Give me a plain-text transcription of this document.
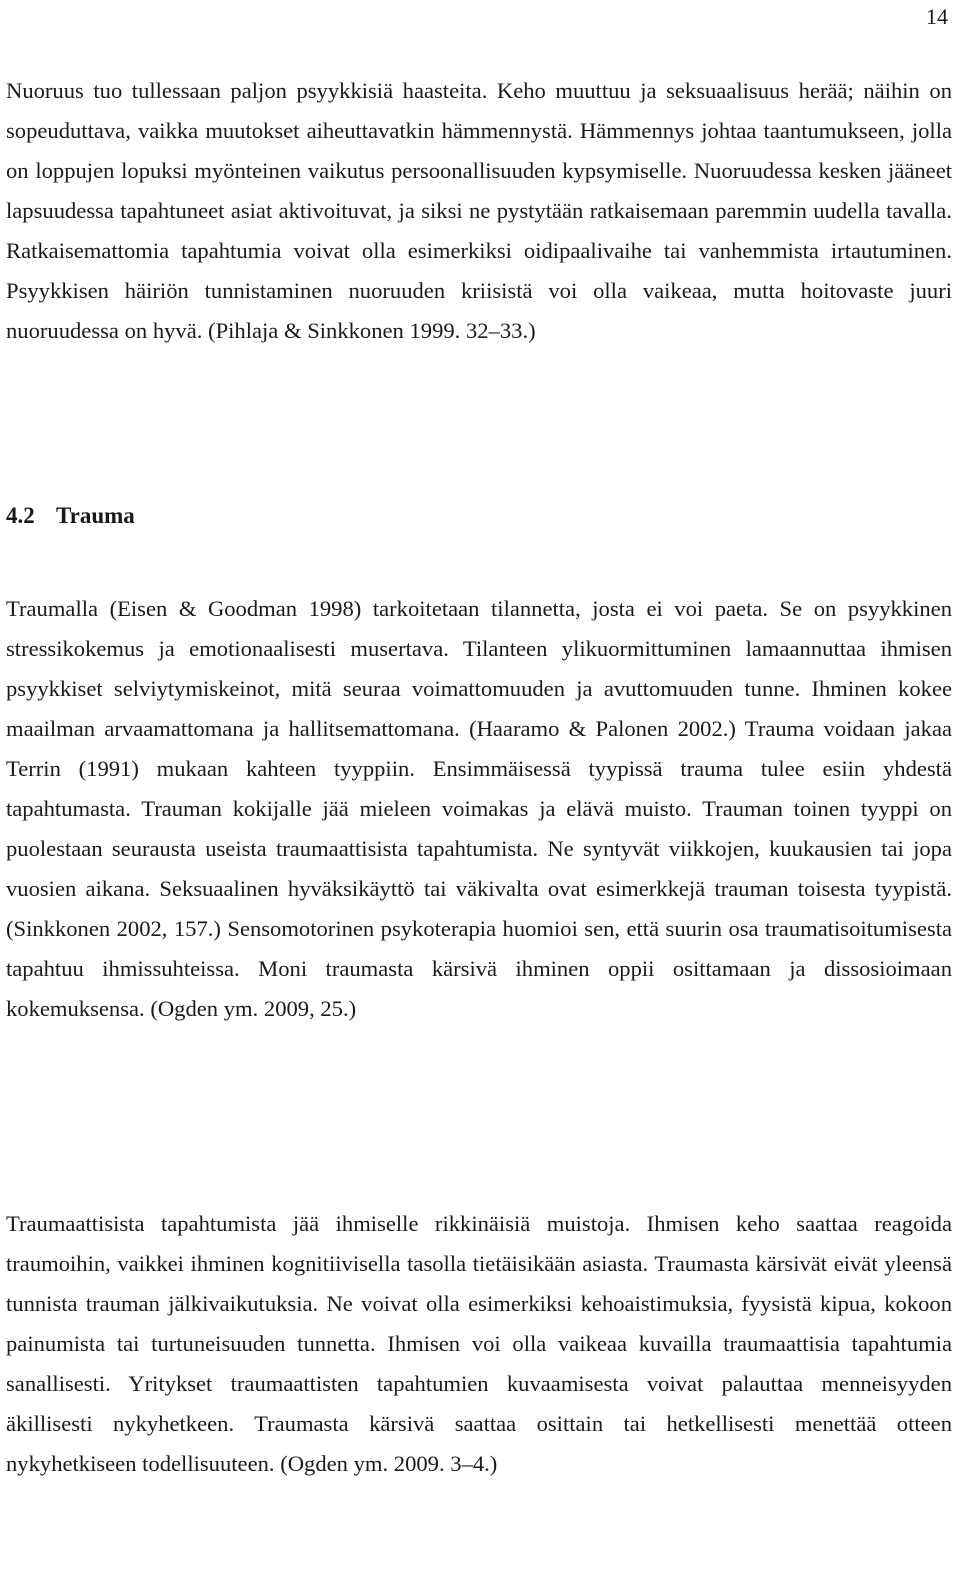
14

Nuoruus tuo tullessaan paljon psyykkisiä haasteita. Keho muuttuu ja seksuaalisuus herää; näihin on sopeuduttava, vaikka muutokset aiheuttavatkin hämmennystä. Hämmennys johtaa taantumukseen, jolla on loppujen lopuksi myönteinen vaikutus persoonallisuuden kypsymiselle. Nuoruudessa kesken jääneet lapsuudessa tapahtuneet asiat aktivoituvat, ja siksi ne pystytään ratkaisemaan paremmin uudella tavalla. Ratkaisemattomia tapahtumia voivat olla esimerkiksi oidipaalivaihe tai vanhemmista irtautuminen. Psyykkisen häiriön tunnistaminen nuoruuden kriisistä voi olla vaikeaa, mutta hoitovaste juuri nuoruudessa on hyvä. (Pihlaja & Sinkkonen 1999. 32–33.)

4.2 Trauma

Traumalla (Eisen & Goodman 1998) tarkoitetaan tilannetta, josta ei voi paeta. Se on psyykkinen stressikokemus ja emotionaalisesti musertava. Tilanteen ylikuormittuminen lamaannuttaa ihmisen psyykkiset selviytymiskeinot, mitä seuraa voimattomuuden ja avuttomuuden tunne. Ihminen kokee maailman arvaamattomana ja hallitsemattomana. (Haaramo & Palonen 2002.) Trauma voidaan jakaa Terrin (1991) mukaan kahteen tyyppiin. Ensimmäisessä tyypissä trauma tulee esiin yhdestä tapahtumasta. Trauman kokijalle jää mieleen voimakas ja elävä muisto. Trauman toinen tyyppi on puolestaan seurausta useista traumaattisista tapahtumista. Ne syntyvät viikkojen, kuukausien tai jopa vuosien aikana. Seksuaalinen hyväksikäyttö tai väkivalta ovat esimerkkejä trauman toisesta tyypistä. (Sinkkonen 2002, 157.) Sensomotorinen psykoterapia huomioi sen, että suurin osa traumatisoitumisesta tapahtuu ihmissuhteissa. Moni traumasta kärsivä ihminen oppii osittamaan ja dissosioimaan kokemuksensa. (Ogden ym. 2009, 25.)

Traumaattisista tapahtumista jää ihmiselle rikkinäisiä muistoja. Ihmisen keho saattaa reagoida traumoihin, vaikkei ihminen kognitiivisella tasolla tietäisikään asiasta. Traumasta kärsivät eivät yleensä tunnista trauman jälkivaikutuksia. Ne voivat olla esimerkiksi kehoaistimuksia, fyysistä kipua, kokoon painumista tai turtuneisuuden tunnetta. Ihmisen voi olla vaikeaa kuvailla traumaattisia tapahtumia sanallisesti. Yritykset traumaattisten tapahtumien kuvaamisesta voivat palauttaa menneisyyden äkillisesti nykyhetkeen. Traumasta kärsivä saattaa osittain tai hetkellisesti menettää otteen nykyhetkiseen todellisuuteen. (Ogden ym. 2009. 3–4.)
